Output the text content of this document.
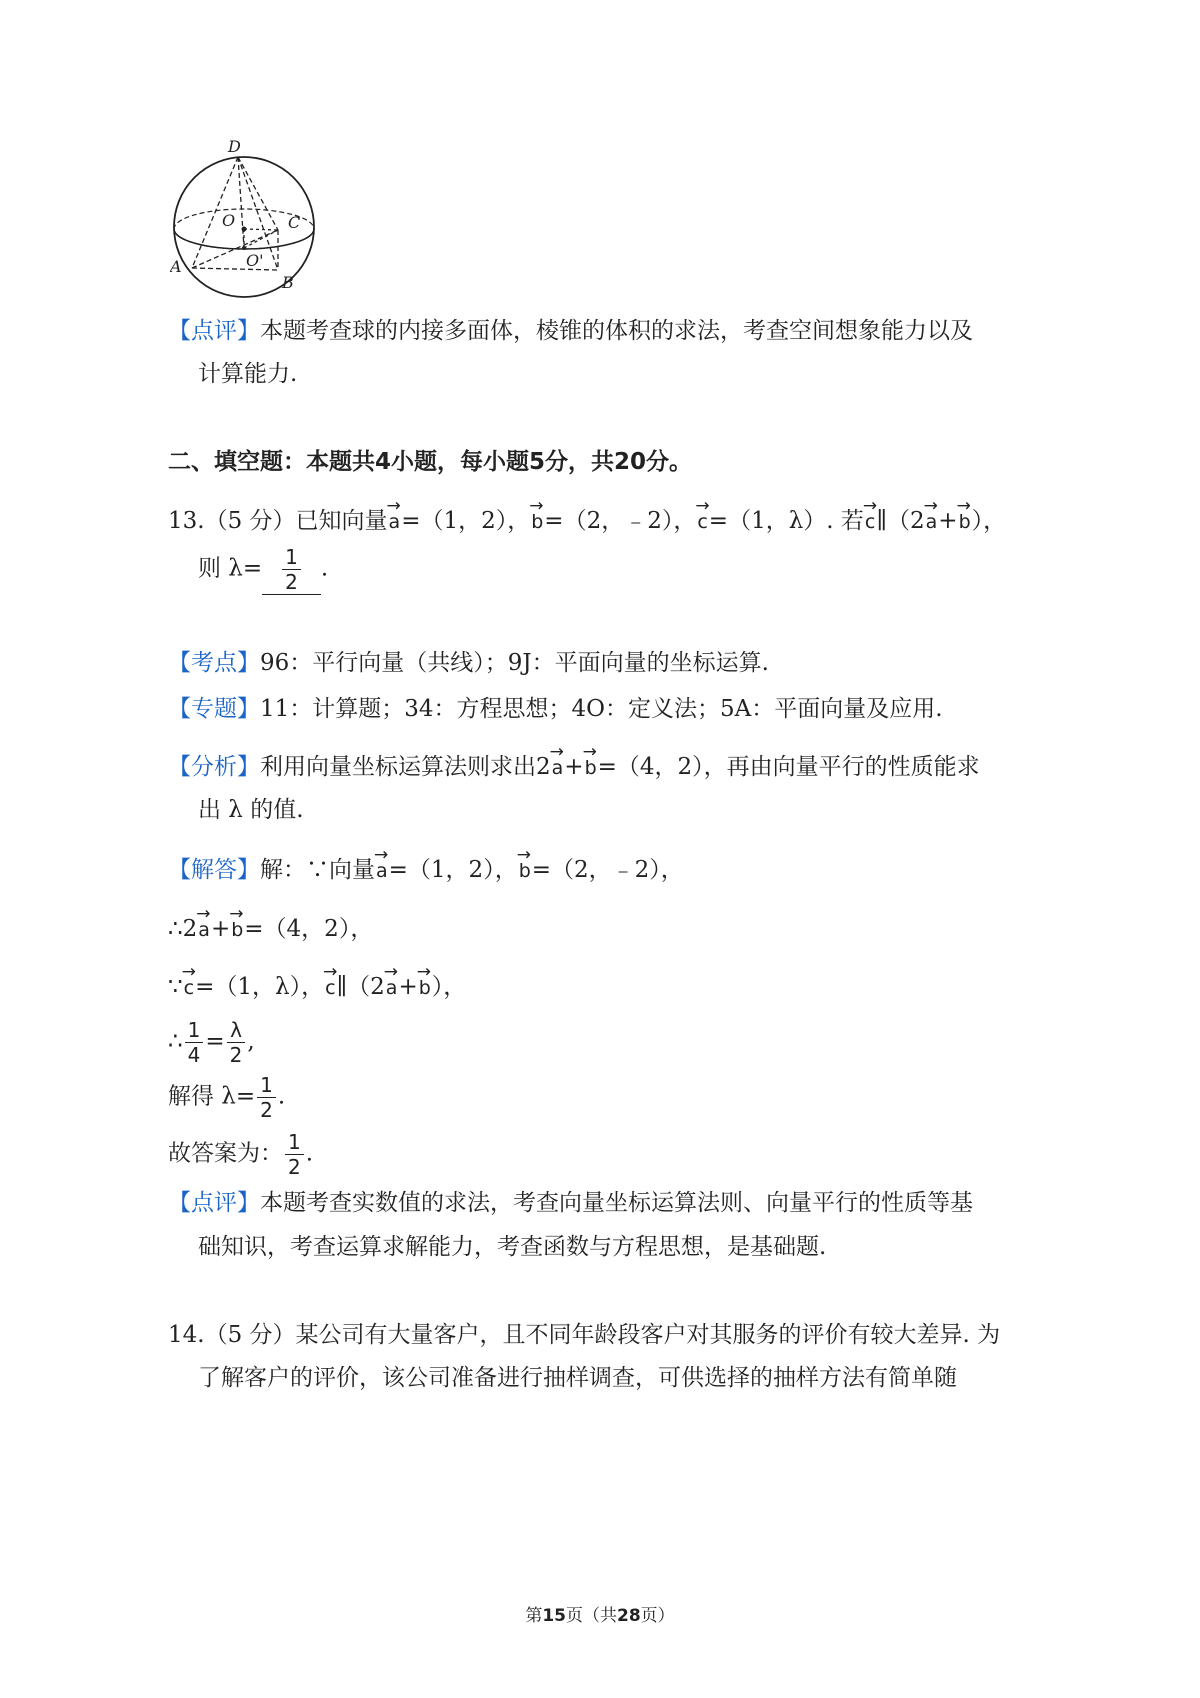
D
O	C
A	O'
B
【点评】本题考查球的内接多面体，棱锥的体积的求法，考查空间想象能力以及
计算能力.
二、填空题：本题共4小题，每小题5分，共20分。
13.（5 分）已知向量→ a=（1，2），→ b=（2，﹣2），→ c=（1，λ）. 若→ c∥（2→ a+→ b），
则 $\lambda= \frac{1}{2}$ .
【考点】96：平行向量（共线）；9J：平面向量的坐标运算.
【专题】11：计算题；34：方程思想；4O：定义法；5A：平面向量及应用.
【分析】利用向量坐标运算法则求出2→ a+→ b=（4，2），再由向量平行的性质能求
出 λ 的值.
【解答】解：∵向量→ a=（1，2），→ b=（2，﹣2），
∴2→ a+→ b=（4，2），
∵→ c=（1，λ），→ c∥（2→ a+→ b），
∴ $\frac{1}{4} = \frac{\lambda}{2}$ ,
解得 $\lambda= \frac{1}{2}$ .
故答案为： $\frac{1}{2}$ .
【点评】本题考查实数值的求法，考查向量坐标运算法则、向量平行的性质等基
础知识，考查运算求解能力，考查函数与方程思想，是基础题.
14.（5 分）某公司有大量客户，且不同年龄段客户对其服务的评价有较大差异. 为
了解客户的评价，该公司准备进行抽样调查，可供选择的抽样方法有简单随
第15页（共28页）
